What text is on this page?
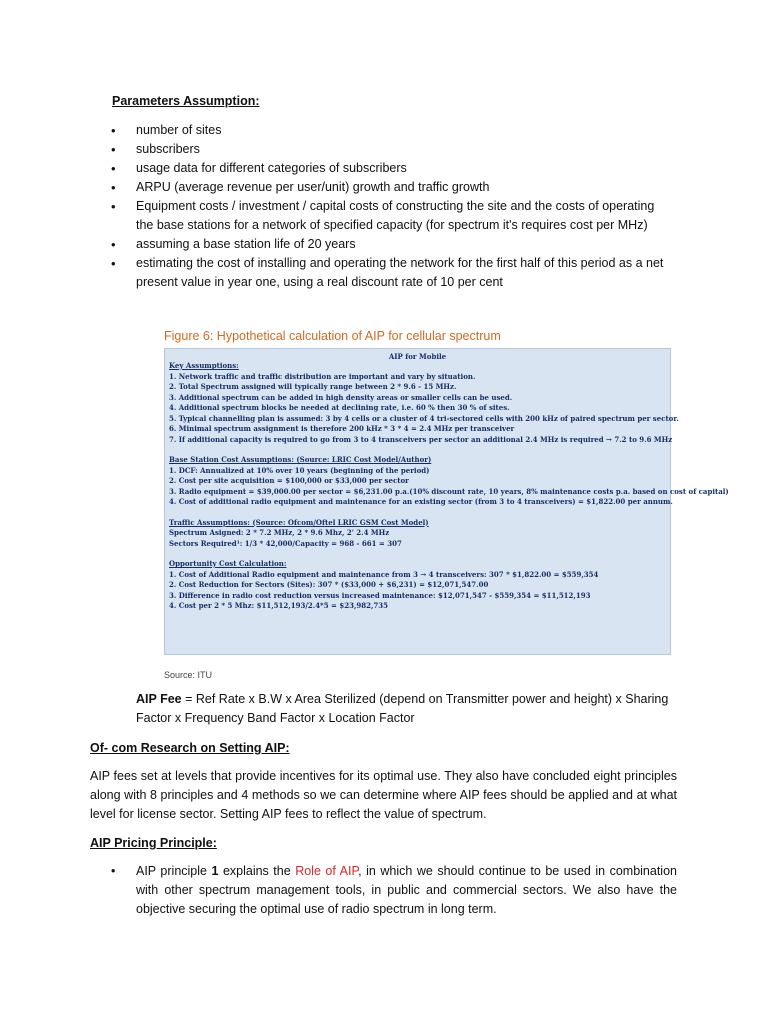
Parameters Assumption:
• number of sites
• subscribers
• usage data for different categories of subscribers
• ARPU (average revenue per user/unit) growth and traffic growth
• Equipment costs / investment / capital costs of constructing the site and the costs of operating the base stations for a network of specified capacity (for spectrum it's requires cost per MHz)
• assuming a base station life of 20 years
• estimating the cost of installing and operating the network for the first half of this period as a net present value in year one, using a real discount rate of 10 per cent
Figure 6: Hypothetical calculation of AIP for cellular spectrum
AIP for Mobile
Key Assumptions:
1. Network traffic and traffic distribution are important and vary by situation.
2. Total Spectrum assigned will typically range between 2 * 9.6 - 15 MHz.
3. Additional spectrum can be added in high density areas or smaller cells can be used.
4. Additional spectrum blocks be needed at declining rate, i.e. 60 % then 30 % of sites.
5. Typical channelling plan is assumed: 3 by 4 cells or a cluster of 4 tri-sectored cells with 200 kHz of paired spectrum per sector.
6. Minimal spectrum assignment is therefore 200 kHz * 3 * 4 = 2.4 MHz per transceiver
7. If additional capacity is required to go from 3 to 4 transceivers per sector an additional 2.4 MHz is required → 7.2 to 9.6 MHz
Base Station Cost Assumptions: (Source: LRIC Cost Model/Author)
1. DCF: Annualized at 10% over 10 years (beginning of the period)
2. Cost per site acquisition = $100,000 or $33,000 per sector
3. Radio equipment = $39,000.00 per sector = $6,231.00 p.a.(10% discount rate, 10 years, 8% maintenance costs p.a. based on cost of capital)
4. Cost of additional radio equipment and maintenance for an existing sector (from 3 to 4 transceivers) = $1,822.00 per annum.
Traffic Assumptions: (Source: Ofcom/Oftel LRIC GSM Cost Model)
Spectrum Asigned: 2 * 7.2 MHz, 2 * 9.6 Mhz, 2' 2.4 MHz
Sectors Required¹: 1/3 * 42,000/Capacity = 968 - 661 = 307
Opportunity Cost Calculation:
1. Cost of Additional Radio equipment and maintenance from 3 → 4 transceivers: 307 * $1,822.00 = $559,354
2. Cost Reduction for Sectors (Sites): 307 * ($33,000 + $6,231) = $12,071,547.00
3. Difference in radio cost reduction versus increased maintenance: $12,071,547 - $559,354 = $11,512,193
4. Cost per 2 * 5 Mhz: $11,512,193/2.4*5 = $23,982,735
Source: ITU
AIP Fee = Ref Rate x B.W x Area Sterilized (depend on Transmitter power and height) x Sharing Factor x Frequency Band Factor x Location Factor
Of- com Research on Setting AIP:
AIP fees set at levels that provide incentives for its optimal use. They also have concluded eight principles along with 8 principles and 4 methods so we can determine where AIP fees should be applied and at what level for license sector. Setting AIP fees to reflect the value of spectrum.
AIP Pricing Principle:
• AIP principle 1 explains the Role of AIP, in which we should continue to be used in combination with other spectrum management tools, in public and commercial sectors. We also have the objective securing the optimal use of radio spectrum in long term.
